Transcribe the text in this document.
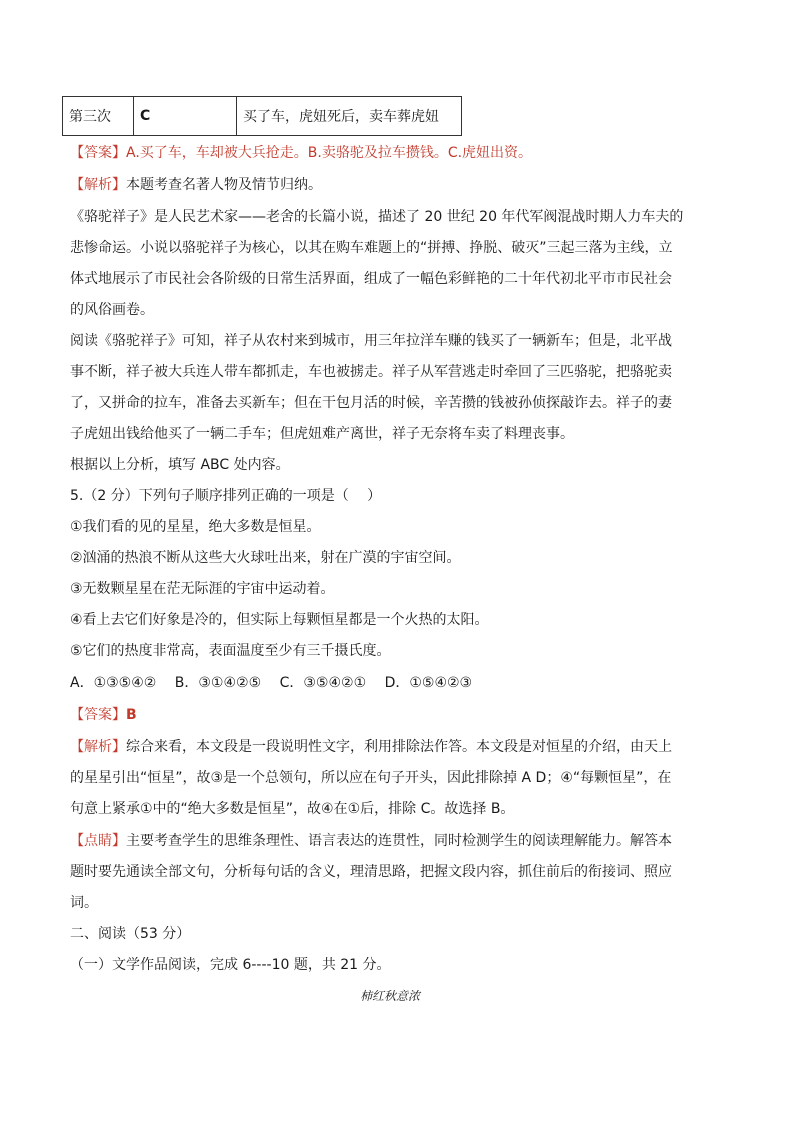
第三次	C	买了车，虎妞死后，卖车葬虎妞
【答案】A.买了车，车却被大兵抢走。B.卖骆驼及拉车攒钱。C.虎妞出资。
【解析】本题考查名著人物及情节归纳。
《骆驼祥子》是人民艺术家——老舍的长篇小说，描述了 20 世纪 20 年代军阀混战时期人力车夫的
悲惨命运。小说以骆驼祥子为核心，以其在购车难题上的“拼搏、挣脱、破灭”三起三落为主线，立
体式地展示了市民社会各阶级的日常生活界面，组成了一幅色彩鲜艳的二十年代初北平市市民社会
的风俗画卷。
阅读《骆驼祥子》可知，祥子从农村来到城市，用三年拉洋车赚的钱买了一辆新车；但是，北平战
事不断，祥子被大兵连人带车都抓走，车也被掳走。祥子从军营逃走时牵回了三匹骆驼，把骆驼卖
了，又拼命的拉车，准备去买新车；但在干包月活的时候，辛苦攒的钱被孙侦探敲诈去。祥子的妻
子虎妞出钱给他买了一辆二手车；但虎妞难产离世，祥子无奈将车卖了料理丧事。
根据以上分析，填写 ABC 处内容。
5.（2 分）下列句子顺序排列正确的一项是（　 ）
①我们看的见的星星，绝大多数是恒星。
②汹涌的热浪不断从这些大火球吐出来，射在广漠的宇宙空间。
③无数颗星星在茫无际涯的宇宙中运动着。
④看上去它们好象是冷的，但实际上每颗恒星都是一个火热的太阳。
⑤它们的热度非常高，表面温度至少有三千摄氏度。
A．①③⑤④②　 B．③①④②⑤　 C．③⑤④②①　 D．①⑤④②③
【答案】B
【解析】综合来看，本文段是一段说明性文字，利用排除法作答。本文段是对恒星的介绍，由天上
的星星引出“恒星”，故③是一个总领句，所以应在句子开头，因此排除掉 A D；④“每颗恒星”，在
句意上紧承①中的“绝大多数是恒星”，故④在①后，排除 C。故选择 B。
【点睛】主要考查学生的思维条理性、语言表达的连贯性，同时检测学生的阅读理解能力。解答本
题时要先通读全部文句，分析每句话的含义，理清思路，把握文段内容，抓住前后的衔接词、照应
词。
二、阅读（53 分）
（一）文学作品阅读，完成 6----10 题，共 21 分。
柿红秋意浓
